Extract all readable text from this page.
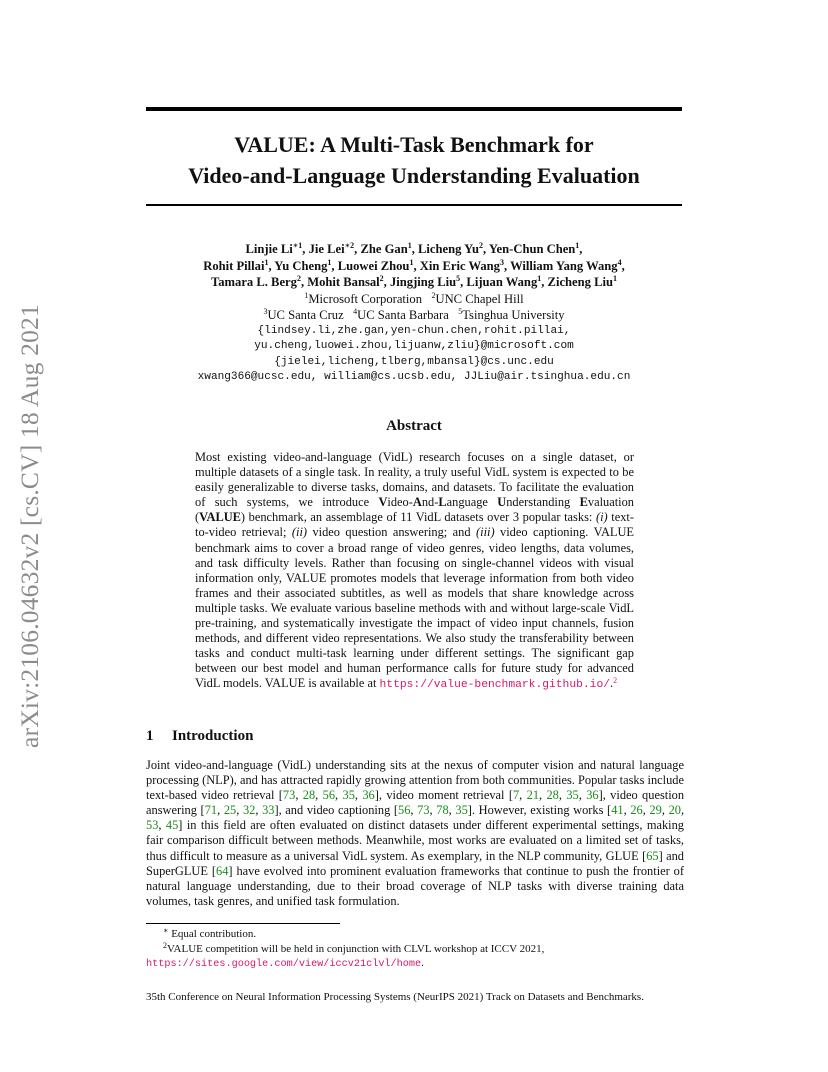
arXiv:2106.04632v2 [cs.CV] 18 Aug 2021
VALUE: A Multi-Task Benchmark for
Video-and-Language Understanding Evaluation
Linjie $Li^{∗1}$, Jie Lei$^{∗2}$, Zhe Gan$^1$, Licheng Yu$^2$, Yen-Chun Chen$^1$,
Rohit Pillai$^1$, Yu Cheng$^1$, Luowei Zhou$^1$, Xin Eric Wang$^3$, William Yang Wang$^4$,
Tamara L. Berg$^2$, Mohit Bansal$^2$, Jingjing Liu$^5$, Lijuan Wang$^1$, Zicheng Liu$^1$
$^1$Microsoft Corporation $^2$UNC Chapel Hill
$^3$UC Santa Cruz $^4$UC Santa Barbara $^5$Tsinghua University
{lindsey.li,zhe.gan,yen-chun.chen,rohit.pillai,
yu.cheng,luowei.zhou,lijuanw,zliu}@microsoft.com
{jielei,licheng,tlberg,mbansal}@cs.unc.edu
xwang366@ucsc.edu, william@cs.ucsb.edu, JJLiu@air.tsinghua.edu.cn
Abstract
Most existing video-and-language (VidL) research focuses on a single dataset, or multiple datasets of a single task. In reality, a truly useful VidL system is expected to be easily generalizable to diverse tasks, domains, and datasets. To facilitate the evaluation of such systems, we introduce Video-And-Language Understanding Evaluation (VALUE) benchmark, an assemblage of 11 VidL datasets over 3 popular tasks: (i) text-to-video retrieval; (ii) video question answering; and (iii) video captioning. VALUE benchmark aims to cover a broad range of video genres, video lengths, data volumes, and task difficulty levels. Rather than focusing on single-channel videos with visual information only, VALUE promotes models that leverage information from both video frames and their associated subtitles, as well as models that share knowledge across multiple tasks. We evaluate various baseline methods with and without large-scale VidL pre-training, and systematically investigate the impact of video input channels, fusion methods, and different video representations. We also study the transferability between tasks and conduct multi-task learning under different settings. The significant gap between our best model and human performance calls for future study for advanced VidL models. VALUE is available at https://value-benchmark.github.io/.$^2$
1 Introduction
Joint video-and-language (VidL) understanding sits at the nexus of computer vision and natural language processing (NLP), and has attracted rapidly growing attention from both communities. Popular tasks include text-based video retrieval [73, 28, 56, 35, 36], video moment retrieval [7, 21, 28, 35, 36], video question answering [71, 25, 32, 33], and video captioning [56, 73, 78, 35]. However, existing works [41, 26, 29, 20, 53, 45] in this field are often evaluated on distinct datasets under different experimental settings, making fair comparison difficult between methods. Meanwhile, most works are evaluated on a limited set of tasks, thus difficult to measure as a universal VidL system. As exemplary, in the NLP community, GLUE [65] and SuperGLUE [64] have evolved into prominent evaluation frameworks that continue to push the frontier of natural language understanding, due to their broad coverage of NLP tasks with diverse training data volumes, task genres, and unified task formulation.
∗ Equal contribution.
$^2$VALUE competition will be held in conjunction with CLVL workshop at ICCV 2021, https://sites.google.com/view/iccv21clvl/home.
35th Conference on Neural Information Processing Systems (NeurIPS 2021) Track on Datasets and Benchmarks.
